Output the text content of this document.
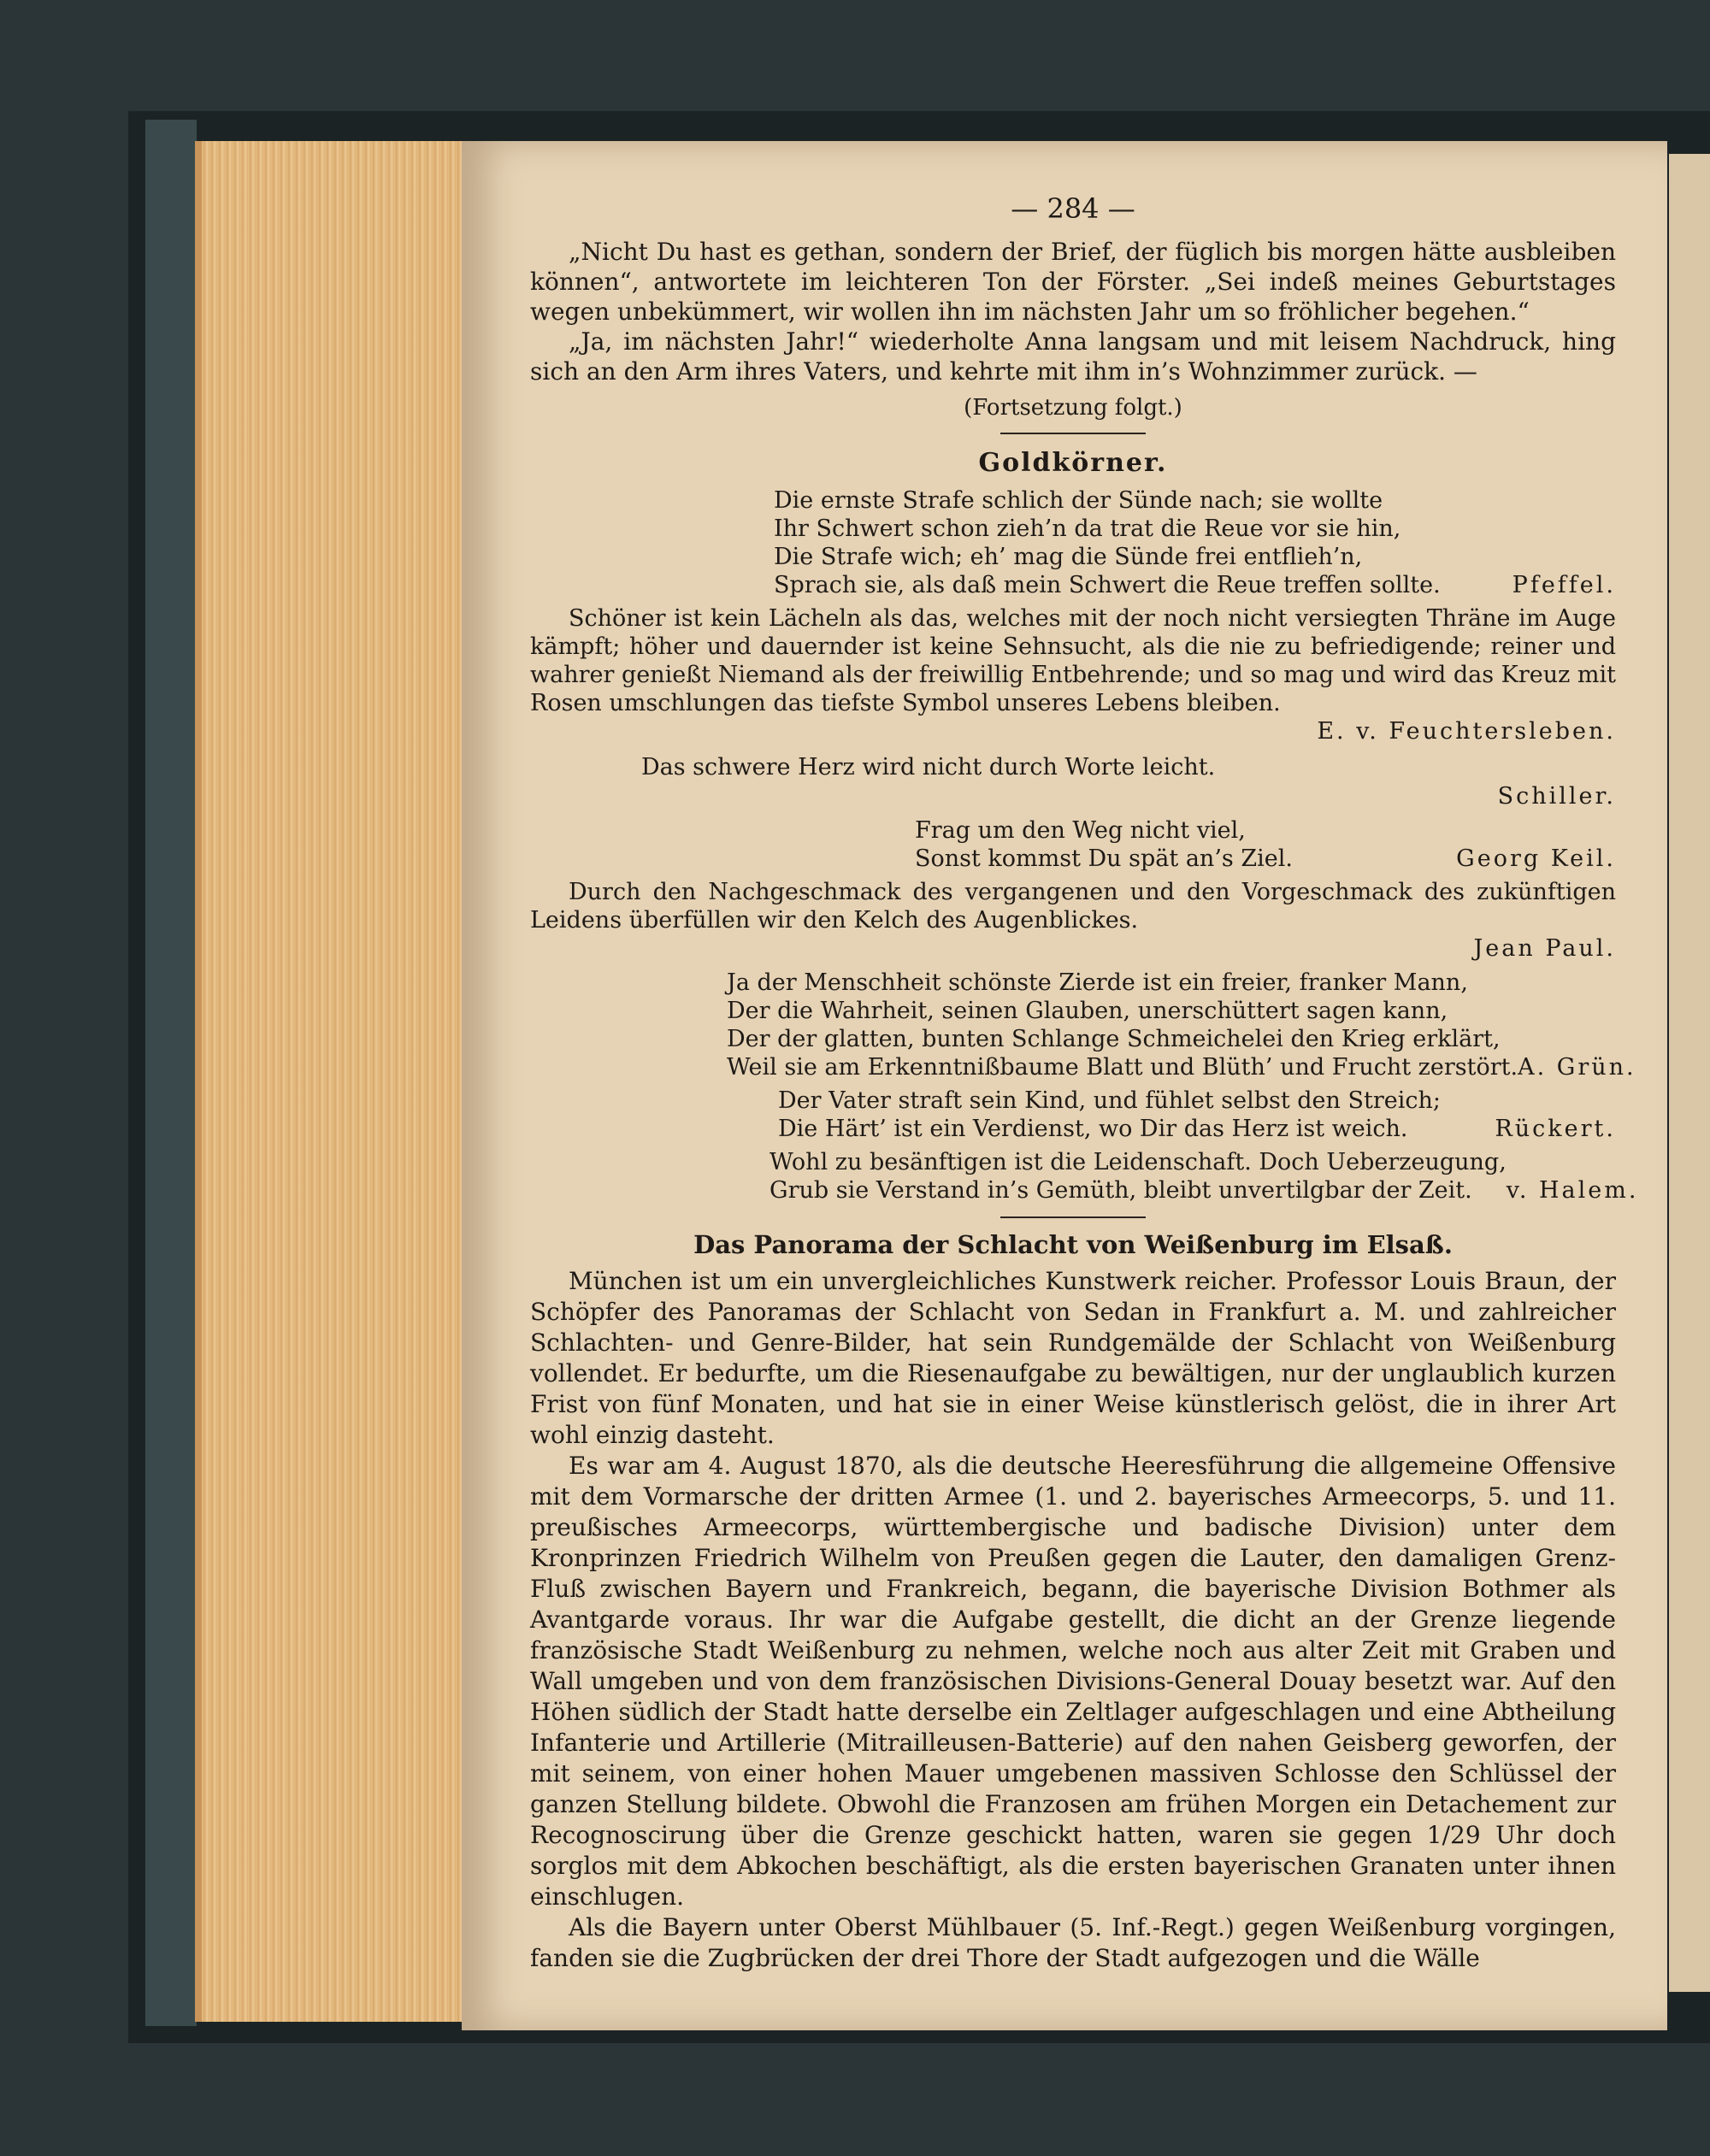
— 284 —

„Nicht Du hast es gethan, sondern der Brief, der füglich bis morgen hätte ausbleiben können“, antwortete im leichteren Ton der Förster. „Sei indeß meines Geburtstages wegen unbekümmert, wir wollen ihn im nächsten Jahr um so fröhlicher begehen.“

„Ja, im nächsten Jahr!“ wiederholte Anna langsam und mit leisem Nachdruck, hing sich an den Arm ihres Vaters, und kehrte mit ihm in’s Wohnzimmer zurück. —

(Fortsetzung folgt.)
Goldkörner.
Die ernste Strafe schlich der Sünde nach; sie wollte
Ihr Schwert schon zieh’n da trat die Reue vor sie hin,
Die Strafe wich; eh’ mag die Sünde frei entflieh’n,
Sprach sie, als daß mein Schwert die Reue treffen sollte.	Pfeffel.
Schöner ist kein Lächeln als das, welches mit der noch nicht versiegten Thräne im Auge kämpft; höher und dauernder ist keine Sehnsucht, als die nie zu befriedigende; reiner und wahrer genießt Niemand als der freiwillig Entbehrende; und so mag und wird das Kreuz mit Rosen umschlungen das tiefste Symbol unseres Lebens bleiben.
E. v. Feuchtersleben.
Das schwere Herz wird nicht durch Worte leicht.
Schiller.
Frag um den Weg nicht viel,
Sonst kommst Du spät an’s Ziel.	Georg Keil.
Durch den Nachgeschmack des vergangenen und den Vorgeschmack des zukünftigen Leidens überfüllen wir den Kelch des Augenblickes.
Jean Paul.
Ja der Menschheit schönste Zierde ist ein freier, franker Mann,
Der die Wahrheit, seinen Glauben, unerschüttert sagen kann,
Der der glatten, bunten Schlange Schmeichelei den Krieg erklärt,
Weil sie am Erkenntnißbaume Blatt und Blüth’ und Frucht zerstört. A. Grün.
Der Vater straft sein Kind, und fühlet selbst den Streich;
Die Härt’ ist ein Verdienst, wo Dir das Herz ist weich.	Rückert.
Wohl zu besänftigen ist die Leidenschaft. Doch Ueberzeugung,
Grub sie Verstand in’s Gemüth, bleibt unvertilgbar der Zeit.	v. Halem.
Das Panorama der Schlacht von Weißenburg im Elsaß.

München ist um ein unvergleichliches Kunstwerk reicher. Professor Louis Braun, der Schöpfer des Panoramas der Schlacht von Sedan in Frankfurt a. M. und zahlreicher Schlachten- und Genre-Bilder, hat sein Rundgemälde der Schlacht von Weißenburg vollendet. Er bedurfte, um die Riesenaufgabe zu bewältigen, nur der unglaublich kurzen Frist von fünf Monaten, und hat sie in einer Weise künstlerisch gelöst, die in ihrer Art wohl einzig dasteht.

Es war am 4. August 1870, als die deutsche Heeresführung die allgemeine Offensive mit dem Vormarsche der dritten Armee (1. und 2. bayerisches Armeecorps, 5. und 11. preußisches Armeecorps, württembergische und badische Division) unter dem Kronprinzen Friedrich Wilhelm von Preußen gegen die Lauter, den damaligen Grenz-Fluß zwischen Bayern und Frankreich, begann, die bayerische Division Bothmer als Avantgarde voraus. Ihr war die Aufgabe gestellt, die dicht an der Grenze liegende französische Stadt Weißenburg zu nehmen, welche noch aus alter Zeit mit Graben und Wall umgeben und von dem französischen Divisions-General Douay besetzt war. Auf den Höhen südlich der Stadt hatte derselbe ein Zeltlager aufgeschlagen und eine Abtheilung Infanterie und Artillerie (Mitrailleusen-Batterie) auf den nahen Geisberg geworfen, der mit seinem, von einer hohen Mauer umgebenen massiven Schlosse den Schlüssel der ganzen Stellung bildete. Obwohl die Franzosen am frühen Morgen ein Detachement zur Recognoscirung über die Grenze geschickt hatten, waren sie gegen 1/29 Uhr doch sorglos mit dem Abkochen beschäftigt, als die ersten bayerischen Granaten unter ihnen einschlugen.

Als die Bayern unter Oberst Mühlbauer (5. Inf.-Regt.) gegen Weißenburg vorgingen, fanden sie die Zugbrücken der drei Thore der Stadt aufgezogen und die Wälle
